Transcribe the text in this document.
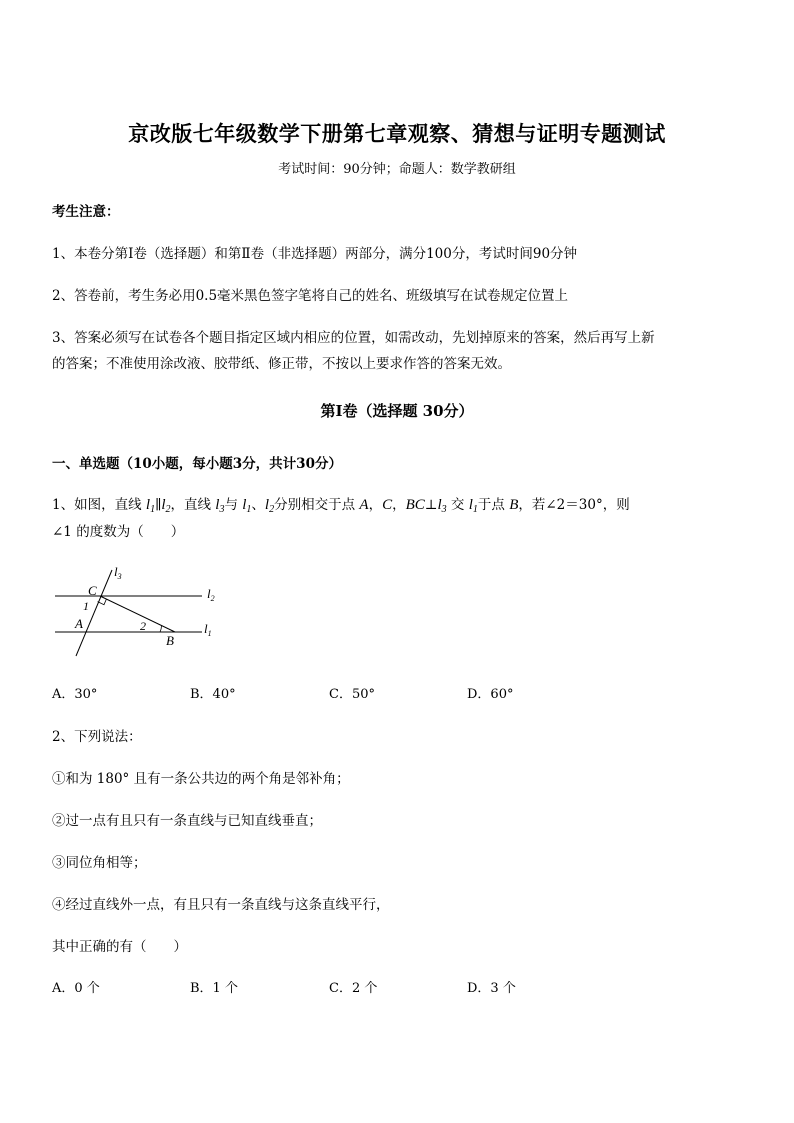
京改版七年级数学下册第七章观察、猜想与证明专题测试
考试时间：90分钟；命题人：数学教研组
考生注意：
1、本卷分第Ⅰ卷（选择题）和第Ⅱ卷（非选择题）两部分，满分100分，考试时间90分钟
2、答卷前，考生务必用0.5毫米黑色签字笔将自己的姓名、班级填写在试卷规定位置上
3、答案必须写在试卷各个题目指定区域内相应的位置，如需改动，先划掉原来的答案，然后再写上新
的答案；不准使用涂改液、胶带纸、修正带，不按以上要求作答的答案无效。
第Ⅰ卷（选择题 30分）
一、单选题（10小题，每小题3分，共计30分）
1、如图，直线 $l_1\parallel l_2$，直线 $l_3$与 $l_1$、$l_2$分别相交于点 A，C，$BC\perp l_3$ 交 $l_1$于点 B，若∠2＝30°，则
∠1 的度数为（　　）
$l_3$
$l_2$
$l_1$
C
A
B
1
2
A．30°	B．40°	C．50°	D．60°
2、下列说法：
①和为 180° 且有一条公共边的两个角是邻补角；
②过一点有且只有一条直线与已知直线垂直；
③同位角相等；
④经过直线外一点，有且只有一条直线与这条直线平行，
其中正确的有（　　）
A．0 个	B．1 个	C．2 个	D．3 个
